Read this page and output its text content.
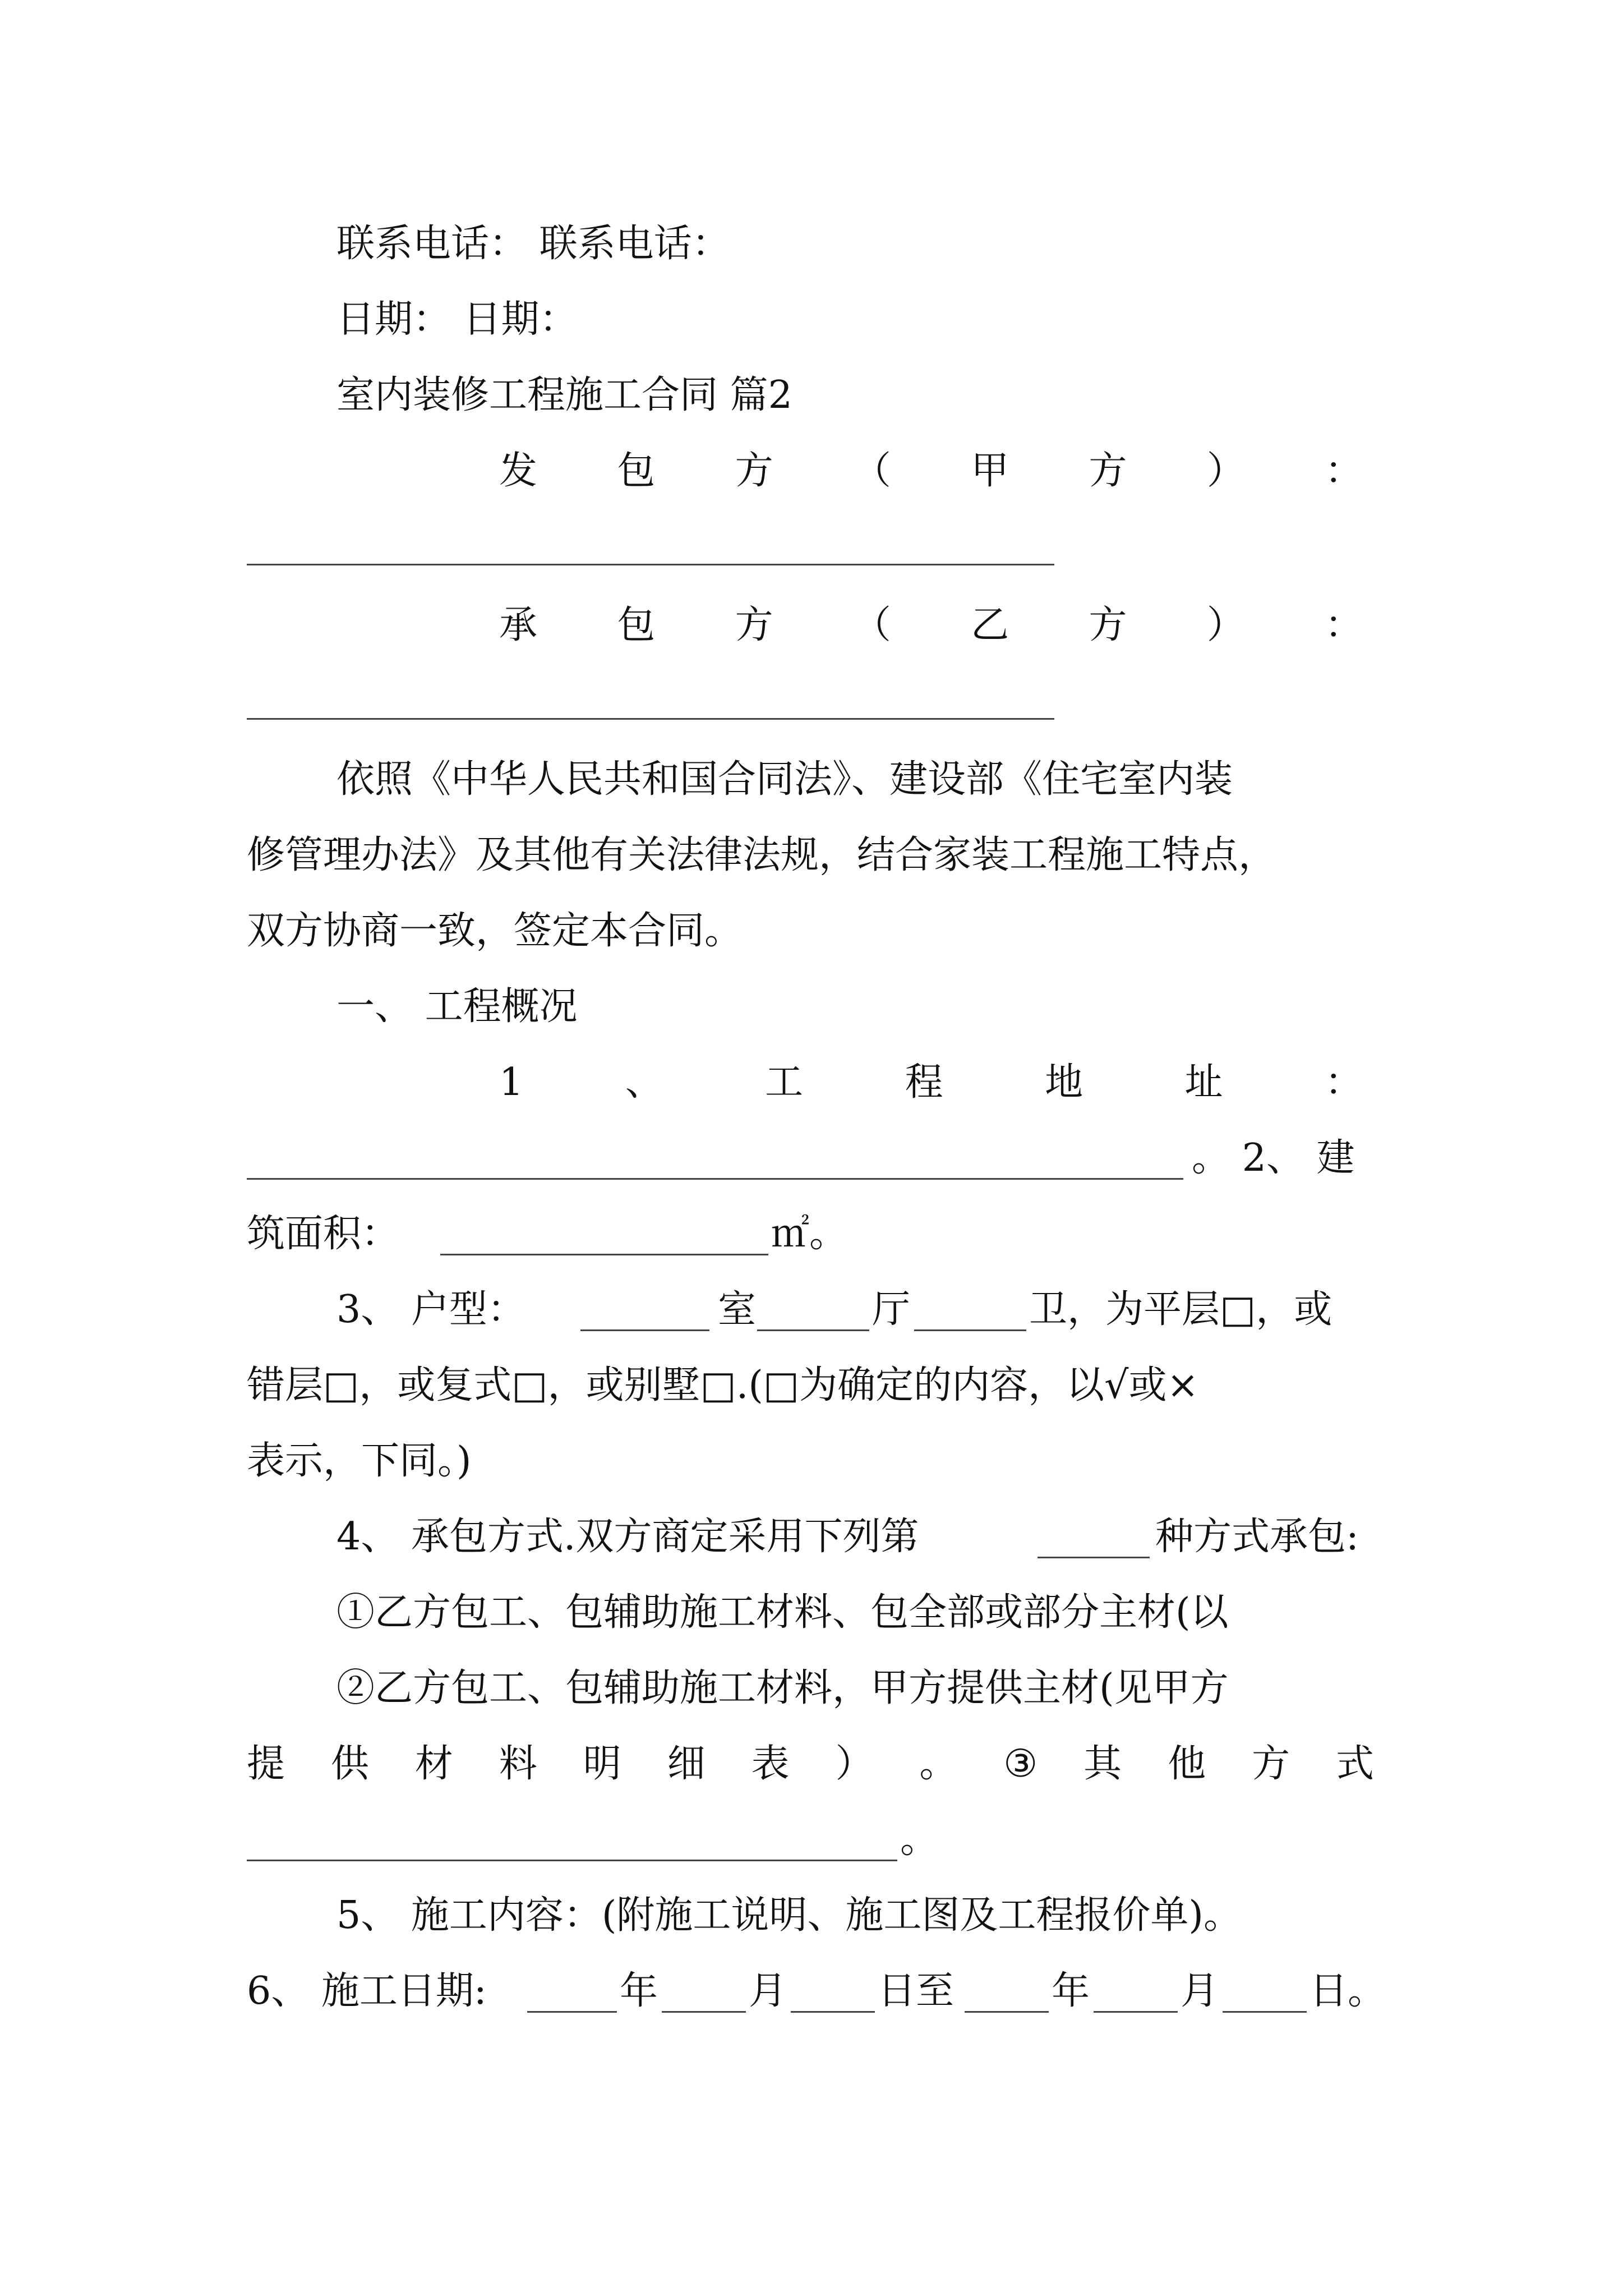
联系电话： 联系电话：

日期： 日期：

室内装修工程施工合同 篇2

发 包 方 （ 甲 方 ） ：
承 包 方 （ 乙 方 ） ：

依照《中华人民共和国合同法》、建设部《住宅室内装

修管理办法》及其他有关法律法规，结合家装工程施工特点，

双方协商一致，签定本合同。

一、 工程概况

1	、	工	程	地	址	：

。 2、 建

筑面积：	㎡。

3、 户型：	室	厅	卫，为平层□，或

错层□，或复式□，或别墅□.(□为确定的内容，以√或×

表示，下同。)

4、 承包方式.双方商定采用下列第	种方式承包:

①乙方包工、包辅助施工材料、包全部或部分主材(以

②乙方包工、包辅助施工材料，甲方提供主材(见甲方

提 供 材 料 明 细 表 ） 。 ③ 其 他 方 式

。

5、 施工内容：(附施工说明、施工图及工程报价单)。

6、 施工日期:	年 月 日至	年 月 日。
